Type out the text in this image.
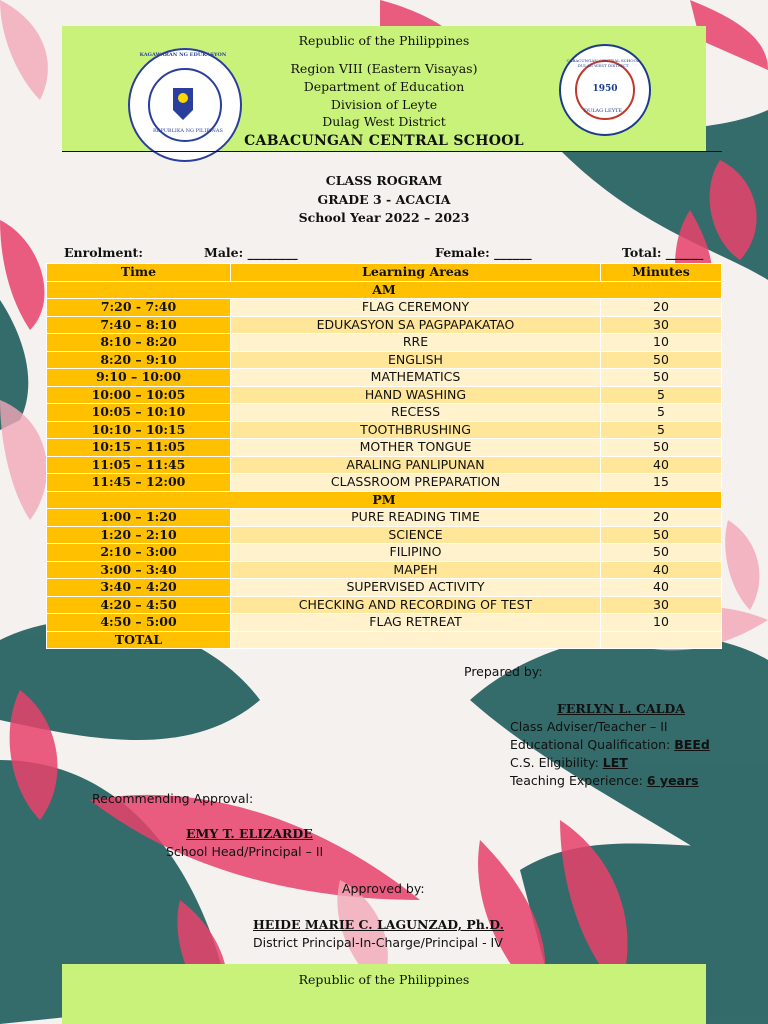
1950
Republic of the Philippines
Region VIII (Eastern Visayas)
Department of Education
Division of Leyte
Dulag West District
CABACUNGAN CENTRAL SCHOOL
KAGAWARAN NG EDUKASYON
REPUBLIKA NG PILIPINAS
CABACUNGAN CENTRAL SCHOOL DULAG WEST DISTRICT
DULAG LEYTE
CLASS ROGRAM
GRADE 3 - ACACIA
School Year 2022 – 2023
Enrolment:	Male: ________	Female: ______	Total: ______
Time	Learning Areas	Minutes
AM		
7:20 - 7:40	FLAG CEREMONY	20
7:40 – 8:10	EDUKASYON SA PAGPAPAKATAO	30
8:10 – 8:20	RRE	10
8:20 – 9:10	ENGLISH	50
9:10 – 10:00	MATHEMATICS	50
10:00 – 10:05	HAND WASHING	5
10:05 – 10:10	RECESS	5
10:10 – 10:15	TOOTHBRUSHING	5
10:15 – 11:05	MOTHER TONGUE	50
11:05 – 11:45	ARALING PANLIPUNAN	40
11:45 – 12:00	CLASSROOM PREPARATION	15
PM		
1:00 – 1:20	PURE READING TIME	20
1:20 – 2:10	SCIENCE	50
2:10 – 3:00	FILIPINO	50
3:00 – 3:40	MAPEH	40
3:40 – 4:20	SUPERVISED ACTIVITY	40
4:20 – 4:50	CHECKING AND RECORDING OF TEST	30
4:50 – 5:00	FLAG RETREAT	10
TOTAL		
Prepared by:
FERLYN L. CALDA
Class Adviser/Teacher – II
Educational Qualification: BEEd
C.S. Eligibility: LET
Teaching Experience: 6 years
Recommending Approval:
EMY T. ELIZARDE
School Head/Principal – II
Approved by:
HEIDE MARIE C. LAGUNZAD, Ph.D.
District Principal-In-Charge/Principal - IV
Republic of the Philippines
